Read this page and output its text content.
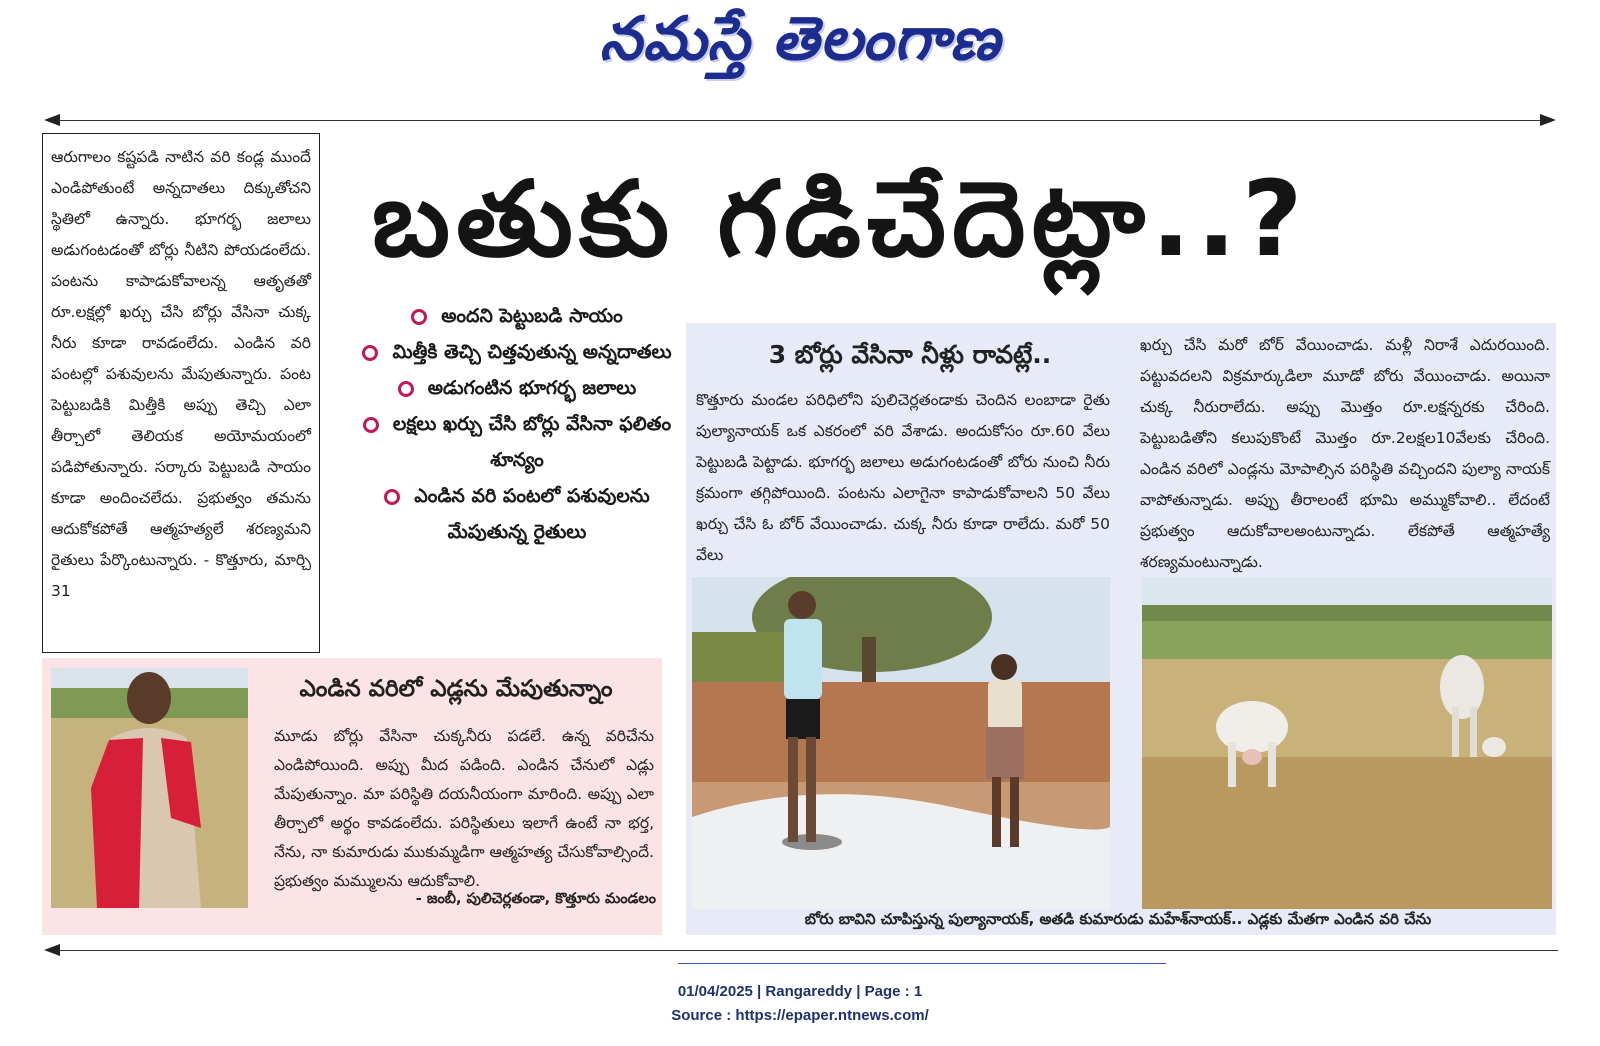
నమస్తే తెలంగాణ
ఆరుగాలం కష్టపడి నాటిన వరి కండ్ల ముందే ఎండిపోతుంటే అన్నదాతలు దిక్కుతోచని స్థితిలో ఉన్నారు. భూగర్భ జలాలు అడుగంటడంతో బోర్లు నీటిని పోయడంలేదు. పంటను కాపాడుకోవాలన్న ఆతృతతో రూ.లక్షల్లో ఖర్చు చేసి బోర్లు వేసినా చుక్క నీరు కూడా రావడంలేదు. ఎండిన వరి పంటల్లో పశువులను మేపుతున్నారు. పంట పెట్టుబడికి మిత్తీకి అప్పు తెచ్చి ఎలా తీర్చాలో తెలియక అయోమయంలో పడిపోతున్నారు. సర్కారు పెట్టుబడి సాయం కూడా అందించలేదు. ప్రభుత్వం తమను ఆదుకోకపోతే ఆత్మహత్యలే శరణ్యమని రైతులు పేర్కొంటున్నారు. - కొత్తూరు, మార్చి 31
బతుకు గడిచేదెట్లా..?
అందని పెట్టుబడి సాయం
మిత్తీకి తెచ్చి చిత్తవుతున్న అన్నదాతలు
అడుగంటిన భూగర్భ జలాలు
లక్షలు ఖర్చు చేసి బోర్లు వేసినా ఫలితం శూన్యం
ఎండిన వరి పంటలో పశువులను మేపుతున్న రైతులు
3 బోర్లు వేసినా నీళ్లు రావట్లే..
కొత్తూరు మండల పరిధిలోని పులిచెర్లతండాకు చెందిన లంబాడా రైతు పుల్యానాయక్ ఒక ఎకరంలో వరి వేశాడు. అందుకోసం రూ.60 వేలు పెట్టుబడి పెట్టాడు. భూగర్భ జలాలు అడుగంటడంతో బోరు నుంచి నీరు క్రమంగా తగ్గిపోయింది. పంటను ఎలాగైనా కాపాడుకోవాలని 50 వేలు ఖర్చు చేసి ఓ బోర్ వేయించాడు. చుక్క నీరు కూడా రాలేదు. మరో 50 వేలు
ఖర్చు చేసి మరో బోర్ వేయించాడు. మళ్లీ నిరాశే ఎదురయింది. పట్టువదలని విక్రమార్కుడిలా మూడో బోరు వేయించాడు. అయినా చుక్క నీరురాలేదు. అప్పు మొత్తం రూ.లక్షన్నరకు చేరింది. పెట్టుబడితోని కలుపుకొంటే మొత్తం రూ.2లక్షల10వేలకు చేరింది. ఎండిన వరిలో ఎండ్లను మోపాల్సిన పరిస్థితి వచ్చిందని పుల్యా నాయక్ వాపోతున్నాడు. అప్పు తీరాలంటే భూమి అమ్ముకోవాలి.. లేదంటే ప్రభుత్వం ఆదుకోవాలఅంటున్నాడు. లేకపోతే ఆత్మహత్యే శరణ్యమంటున్నాడు.
బోరు బావిని చూపిస్తున్న పుల్యానాయక్, అతడి కుమారుడు మహేశ్‌నాయక్.. ఎడ్లకు మేతగా ఎండిన వరి చేను
ఎండిన వరిలో ఎడ్లను మేపుతున్నాం
మూడు బోర్లు వేసినా చుక్కనీరు పడలే. ఉన్న వరిచేను ఎండిపోయింది. అప్పు మీద పడింది. ఎండిన చేనులో ఎడ్లు మేపుతున్నాం. మా పరిస్థితి దయనీయంగా మారింది. అప్పు ఎలా తీర్చాలో అర్థం కావడంలేదు. పరిస్థితులు ఇలాగే ఉంటే నా భర్త, నేను, నా కుమారుడు ముకుమ్మడిగా ఆత్మహత్య చేసుకోవాల్సిందే. ప్రభుత్వం మమ్ములను ఆదుకోవాలి.
- జంబీ, పులిచెర్లతండా, కొత్తూరు మండలం
01/04/2025 | Rangareddy | Page : 1
Source : https://epaper.ntnews.com/
